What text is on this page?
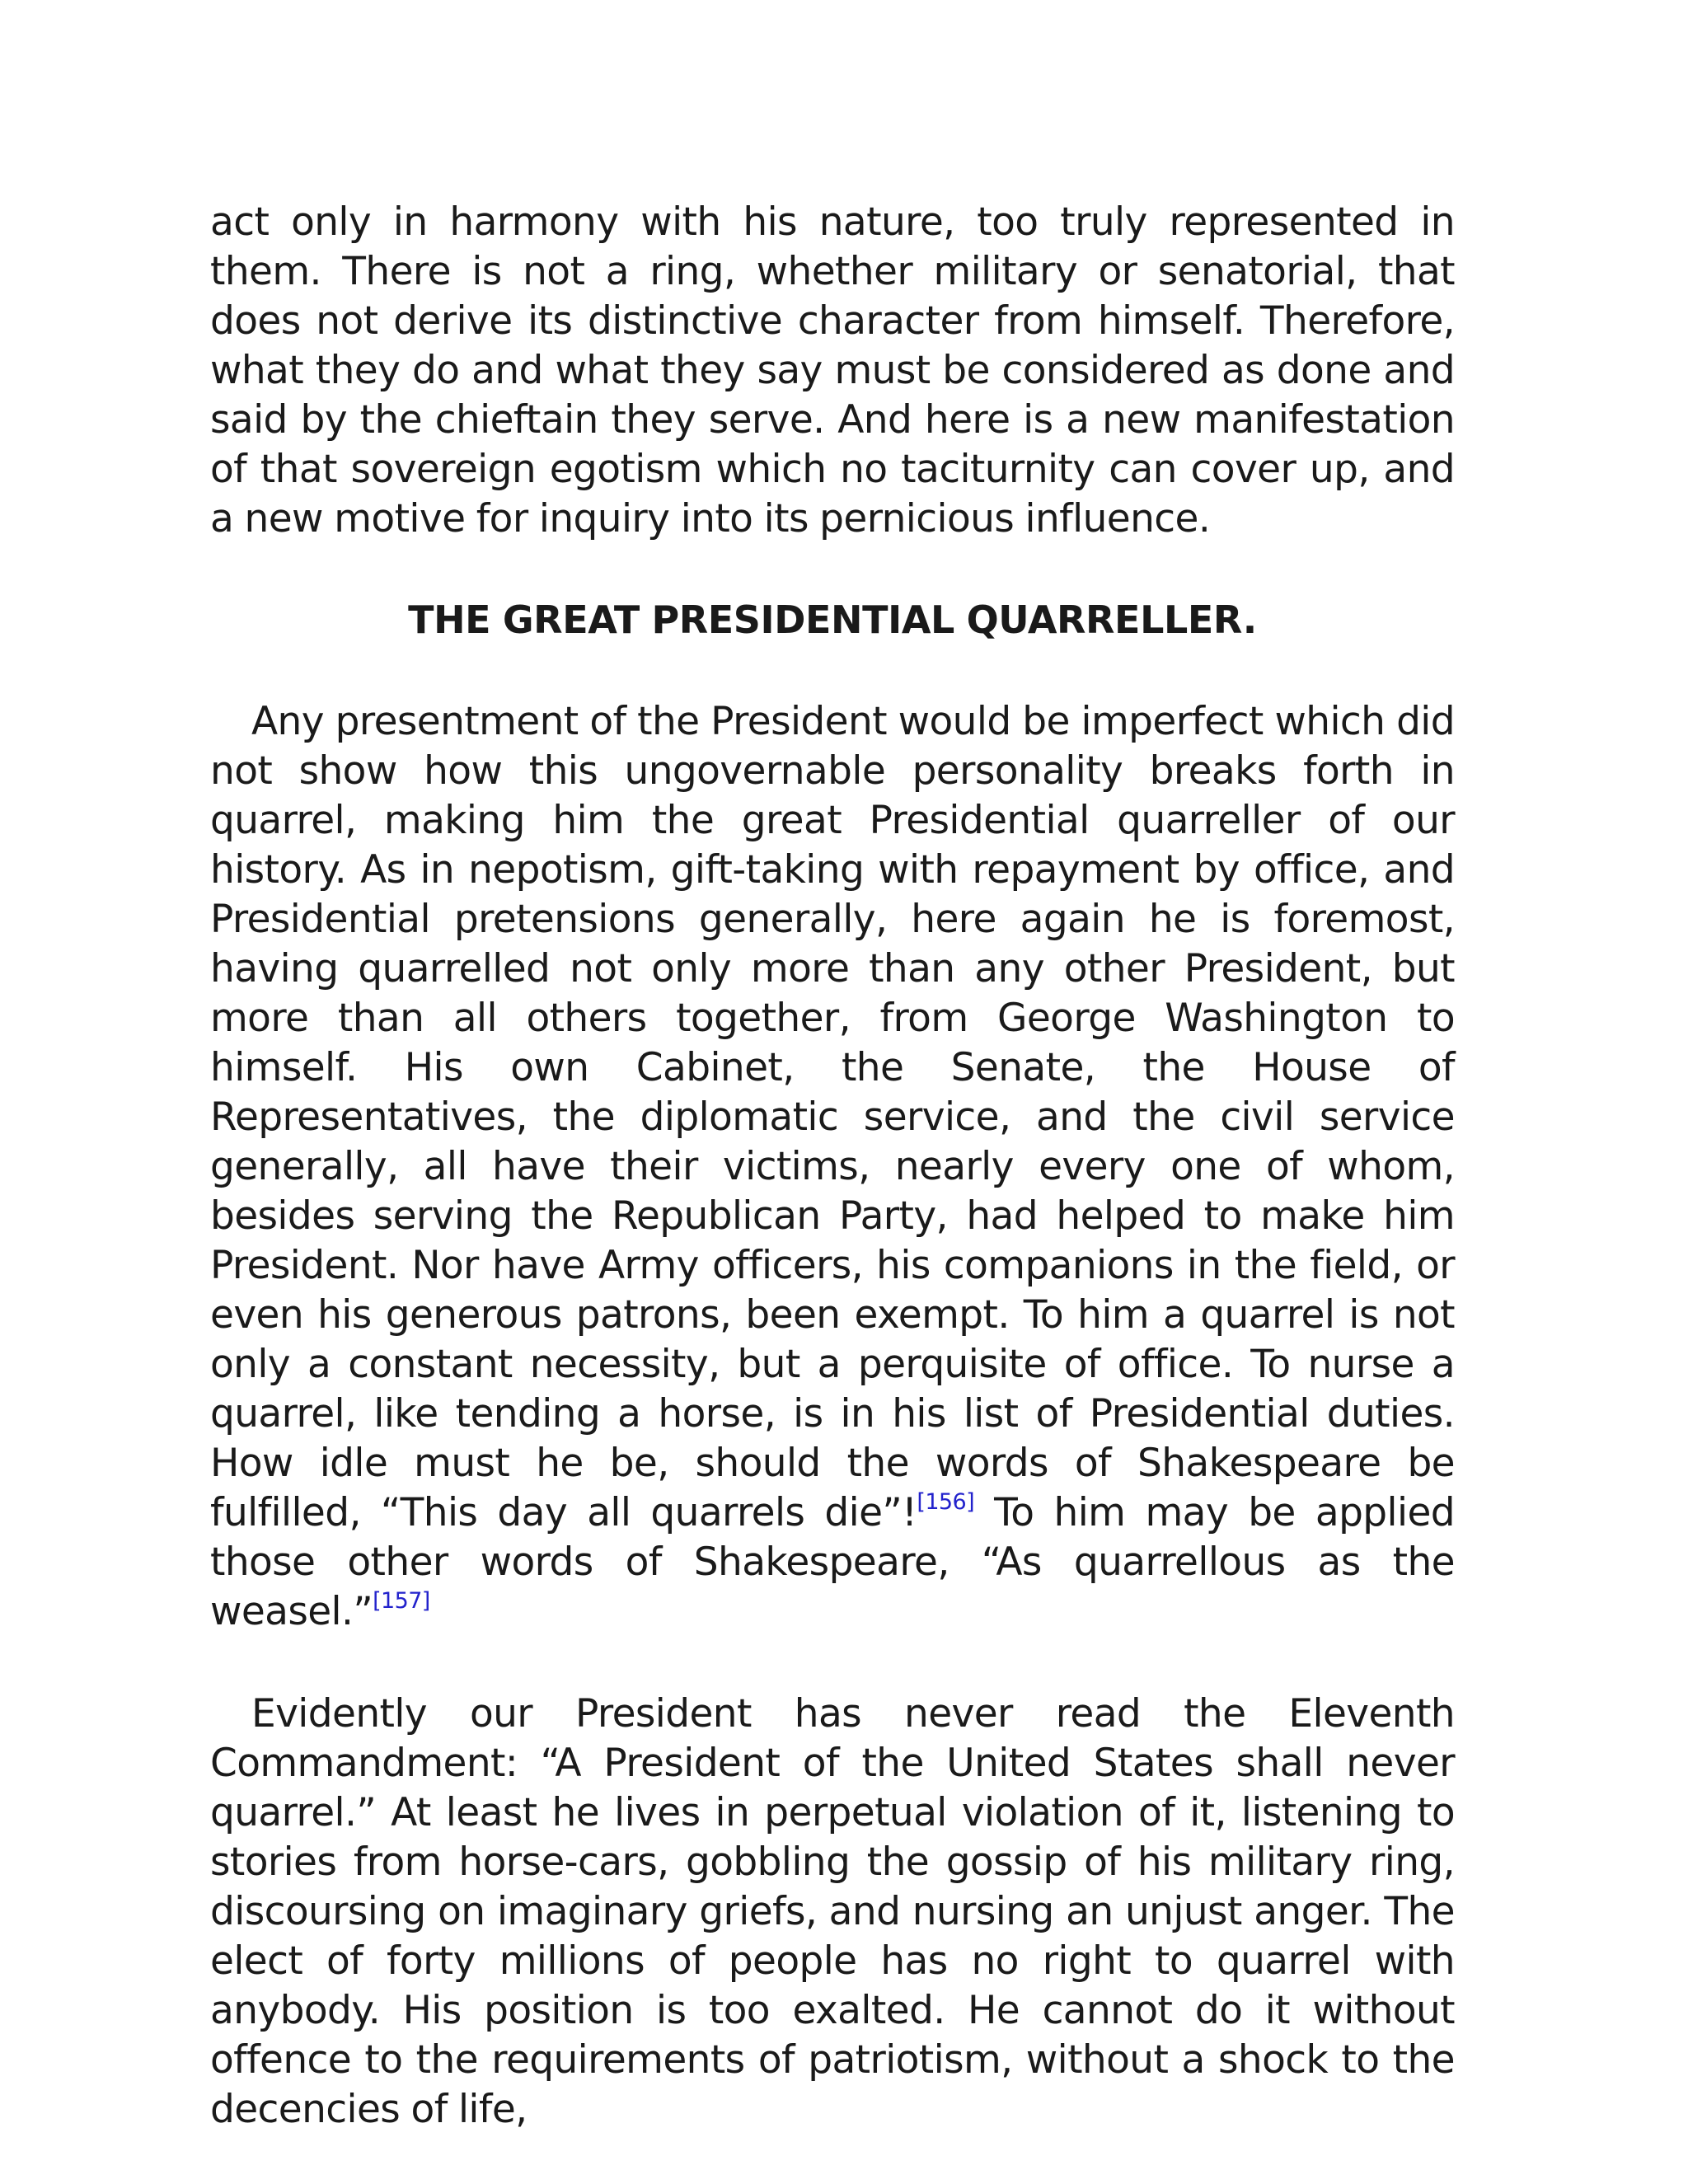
act only in harmony with his nature, too truly represented in them. There is not a ring, whether military or senatorial, that does not derive its distinctive character from himself. Therefore, what they do and what they say must be considered as done and said by the chieftain they serve. And here is a new manifestation of that sovereign egotism which no taciturnity can cover up, and a new motive for inquiry into its pernicious influence.

THE GREAT PRESIDENTIAL QUARRELLER.

Any presentment of the President would be imperfect which did not show how this ungovernable personality breaks forth in quarrel, making him the great Presidential quarreller of our history. As in nepotism, gift-taking with repayment by office, and Presidential pretensions generally, here again he is foremost, having quarrelled not only more than any other President, but more than all others together, from George Washington to himself. His own Cabinet, the Senate, the House of Representatives, the diplomatic service, and the civil service generally, all have their victims, nearly every one of whom, besides serving the Republican Party, had helped to make him President. Nor have Army officers, his companions in the field, or even his generous patrons, been exempt. To him a quarrel is not only a constant necessity, but a perquisite of office. To nurse a quarrel, like tending a horse, is in his list of Presidential duties. How idle must he be, should the words of Shakespeare be fulfilled, “This day all quarrels die”![156] To him may be applied those other words of Shakespeare, “As quarrellous as the weasel.”[157]

Evidently our President has never read the Eleventh Commandment: “A President of the United States shall never quarrel.” At least he lives in perpetual violation of it, listening to stories from horse-cars, gobbling the gossip of his military ring, discoursing on imaginary griefs, and nursing an unjust anger. The elect of forty millions of people has no right to quarrel with anybody. His position is too exalted. He cannot do it without offence to the requirements of patriotism, without a shock to the decencies of life,
